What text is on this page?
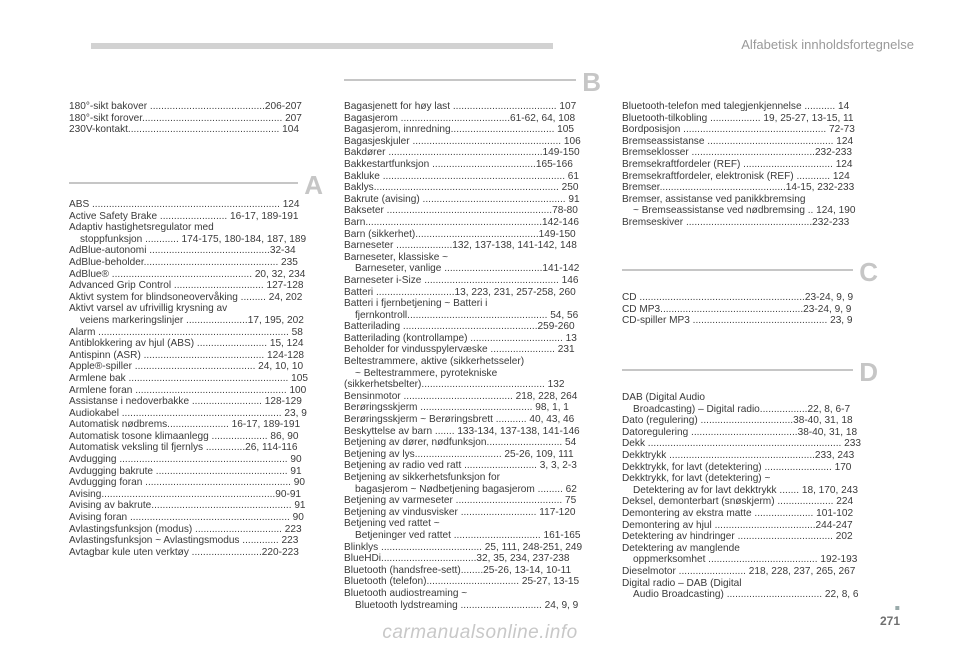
Alfabetisk innholdsfortegnelse
180°-sikt bakover .........................................206-207
180°-sikt forover.................................................. 207
230V-kontakt...................................................... 104
A
ABS ................................................................... 124
Active Safety Brake ........................ 16-17, 189-191
Adaptiv hastighetsregulator med
stoppfunksjon ............ 174-175, 180-184, 187, 189
AdBlue-autonomi ...........................................32-34
AdBlue-beholder................................................ 235
AdBlue® .................................................. 20, 32, 234
Advanced Grip Control ................................ 127-128
Aktivt system for blindsoneovervåking ......... 24, 202
Aktivt varsel av ufrivillig krysning av
veiens markeringslinjer ......................17, 195, 202
Alarm .................................................................... 58
Antiblokkering av hjul (ABS) ......................... 15, 124
Antispinn (ASR) ........................................... 124-128
Apple®-spiller ........................................... 24, 10, 10
Armlene bak ......................................................... 105
Armlene foran ...................................................... 100
Assistanse i nedoverbakke ......................... 128-129
Audiokabel ......................................................... 23, 9
Automatisk nødbrems...................... 16-17, 189-191
Automatisk tosone klimaanlegg .................... 86, 90
Automatisk veksling til fjernlys ..............26, 114-116
Avdugging ............................................................ 90
Avdugging bakrute ............................................... 91
Avdugging foran .................................................... 90
Avising..............................................................90-91
Avising av bakrute.................................................. 91
Avising foran ......................................................... 90
Avlastingsfunksjon (modus) ............................... 223
Avlastingsfunksjon ~ Avlastingsmodus ............. 223
Avtagbar kule uten verktøy .........................220-223
B
Bagasjenett for høy last ..................................... 107
Bagasjerom .......................................61-62, 64, 108
Bagasjerom, innredning..................................... 105
Bagasjeskjuler ..................................................... 106
Bakdører .......................................................149-150
Bakkestartfunksjon .....................................165-166
Bakluke ................................................................. 61
Baklys.................................................................. 250
Bakrute (avising) ................................................... 91
Bakseter ...........................................................78-80
Barn...............................................................142-146
Barn (sikkerhet)............................................149-150
Barneseter ....................132, 137-138, 141-142, 148
Barneseter, klassiske ~
Barneseter, vanlige ...................................141-142
Barneseter i-Size ................................................ 146
Batteri ............................13, 223, 231, 257-258, 260
Batteri i fjernbetjening ~ Batteri i
fjernkontroll.................................................. 54, 56
Batterilading ................................................259-260
Batterilading (kontrollampe) ................................. 13
Beholder for vindusspylervæske ....................... 231
Beltestrammere, aktive (sikkerhetsseler)
~ Beltestrammere, pyrotekniske
(sikkerhetsbelter)............................................ 132
Bensinmotor ....................................... 218, 228, 264
Berøringsskjerm ........................................ 98, 1, 1
Berøringsskjerm ~ Berøringsbrett ........... 40, 43, 46
Beskyttelse av barn ....... 133-134, 137-138, 141-146
Betjening av dører, nødfunksjon........................... 54
Betjening av lys............................... 25-26, 109, 111
Betjening av radio ved ratt .......................... 3, 3, 2-3
Betjening av sikkerhetsfunksjon for
bagasjerom ~ Nødbetjening bagasjerom ......... 62
Betjening av varmeseter ...................................... 75
Betjening av vindusvisker ........................... 117-120
Betjening ved rattet ~
Betjeninger ved rattet ............................... 161-165
Blinklys .................................... 25, 111, 248-251, 249
BlueHDi..................................32, 35, 234, 237-238
Bluetooth (handsfree-sett)........25-26, 13-14, 10-11
Bluetooth (telefon)................................. 25-27, 13-15
Bluetooth audiostreaming ~
Bluetooth lydstreaming ............................. 24, 9, 9
Bluetooth-telefon med talegjenkjennelse ........... 14
Bluetooth-tilkobling .................. 19, 25-27, 13-15, 11
Bordposisjon ................................................... 72-73
Bremseassistanse ............................................. 124
Bremseklosser ............................................232-233
Bremsekraftfordeler (REF) ................................ 124
Bremsekraftfordeler, elektronisk (REF) ............ 124
Bremser.............................................14-15, 232-233
Bremser, assistanse ved panikkbremsing
~ Bremseassistanse ved nødbremsing .. 124, 190
Bremseskiver .............................................232-233
C
CD ...........................................................23-24, 9, 9
CD MP3...................................................23-24, 9, 9
CD-spiller MP3 ................................................ 23, 9
D
DAB (Digital Audio
Broadcasting) – Digital radio.................22, 8, 6-7
Dato (regulering) .................................38-40, 31, 18
Datoregulering ......................................38-40, 31, 18
Dekk ..................................................................... 233
Dekktrykk ....................................................233, 243
Dekktrykk, for lavt (detektering) ........................ 170
Dekktrykk, for lavt (detektering) ~
Detektering av for lavt dekktrykk ....... 18, 170, 243
Deksel, demonterbart (snøskjerm) .................... 224
Demontering av ekstra matte ..................... 101-102
Demontering av hjul ....................................244-247
Detektering av hindringer .................................. 202
Detektering av manglende
oppmerksomhet ....................................... 192-193
Dieselmotor ........................ 218, 228, 237, 265, 267
Digital radio – DAB (Digital
Audio Broadcasting) .................................. 22, 8, 6
▪
271
carmanualsonline.info
